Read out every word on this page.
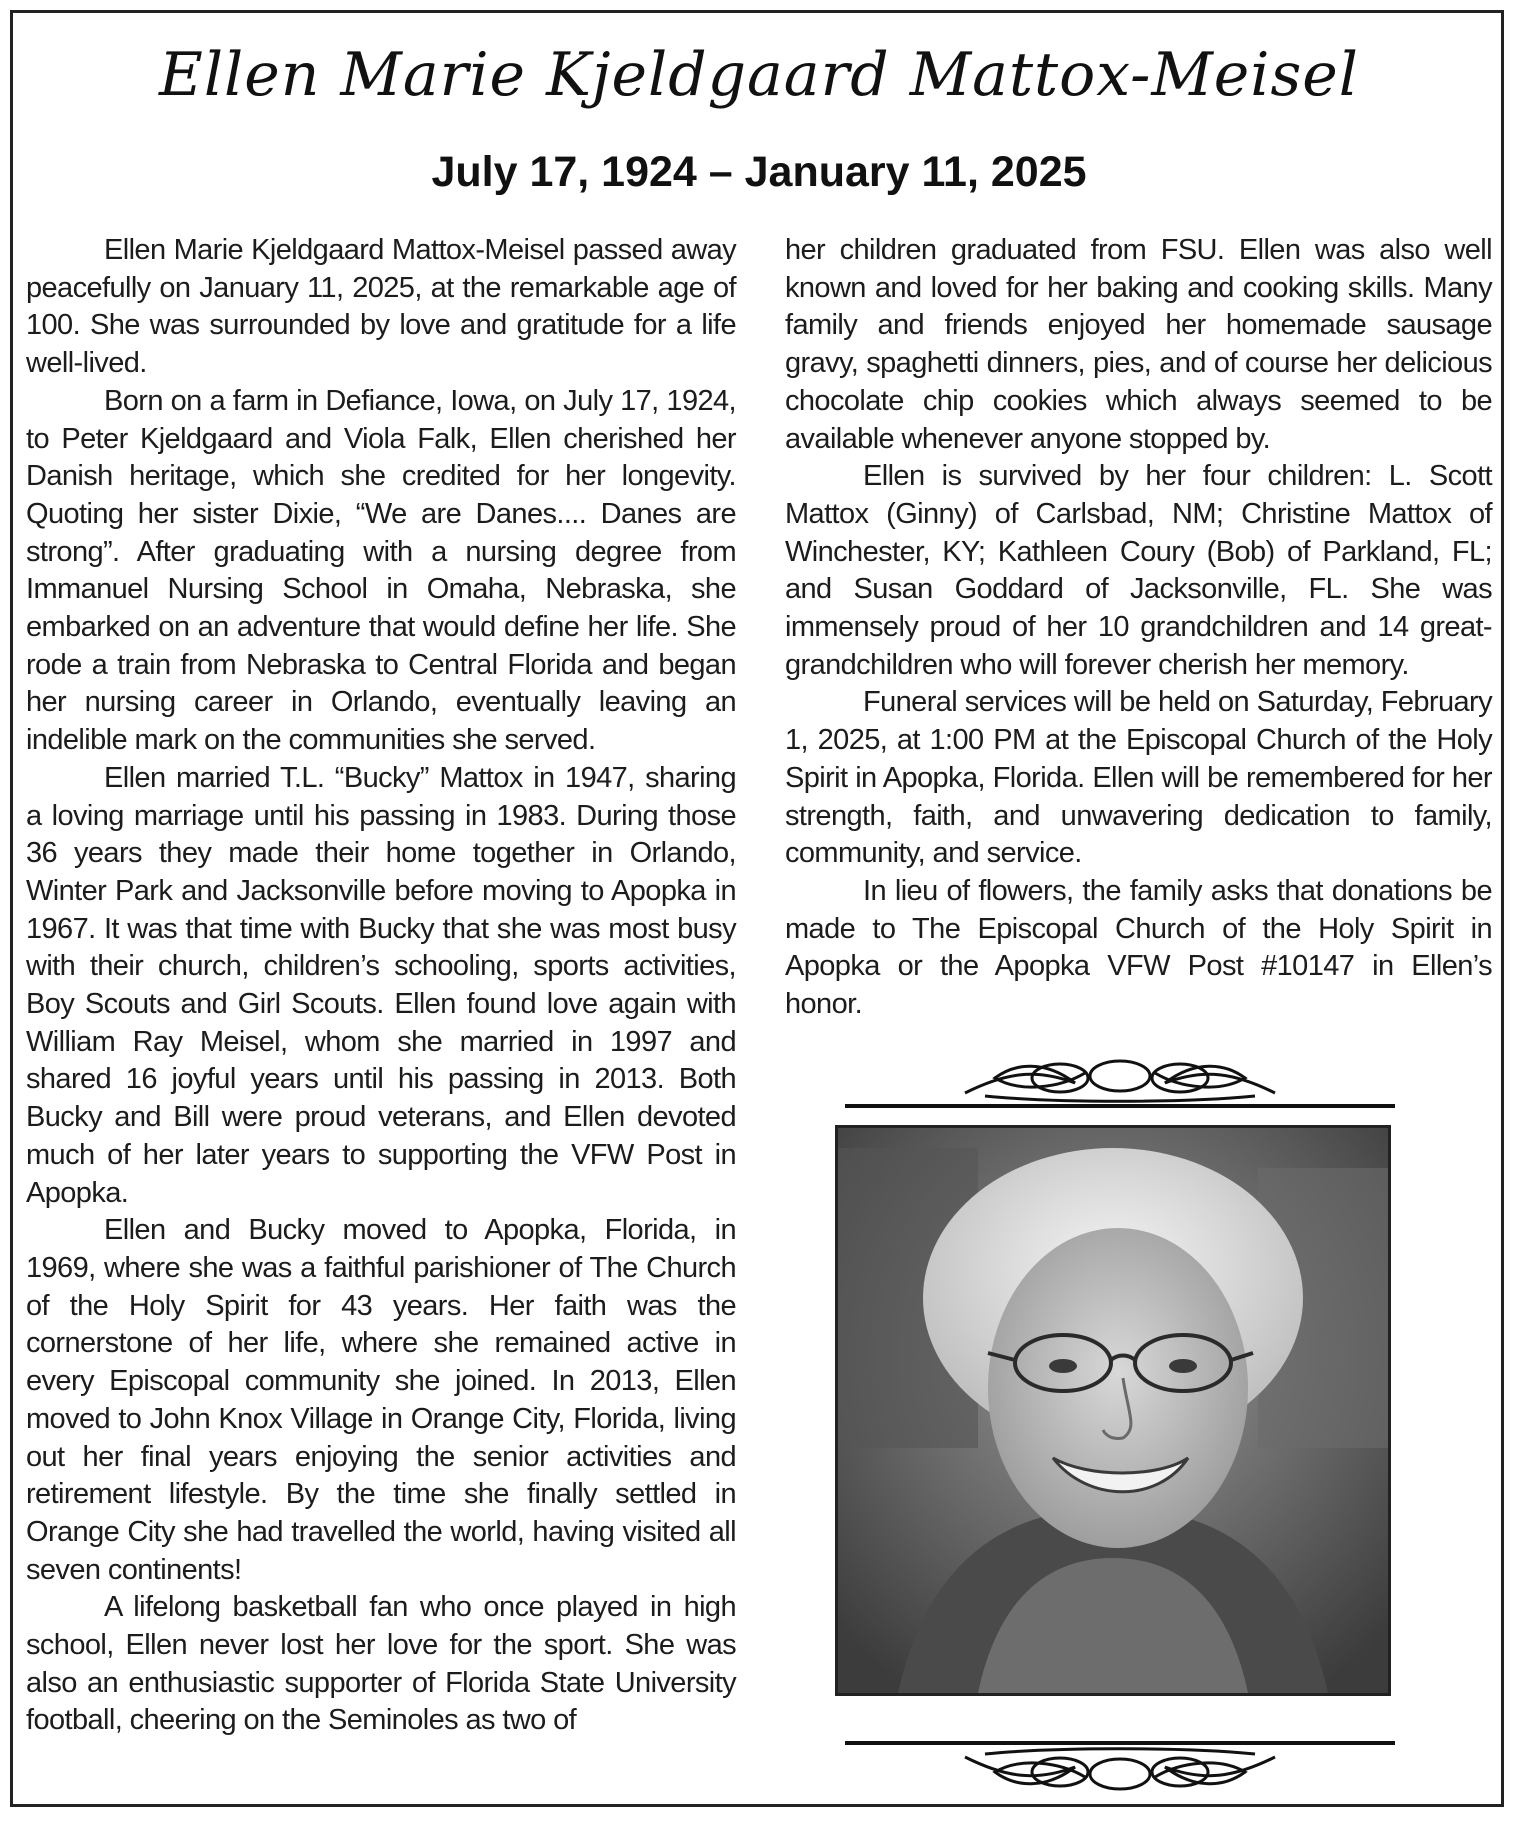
Ellen Marie Kjeldgaard Mattox-Meisel
July 17, 1924 – January 11, 2025

Ellen Marie Kjeldgaard Mattox-Meisel passed away peacefully on January 11, 2025, at the remarkable age of 100. She was surrounded by love and gratitude for a life well-lived.

Born on a farm in Defiance, Iowa, on July 17, 1924, to Peter Kjeldgaard and Viola Falk, Ellen cherished her Danish heritage, which she credited for her longevity. Quoting her sister Dixie, “We are Danes.... Danes are strong”. After graduating with a nursing degree from Immanuel Nursing School in Omaha, Nebraska, she embarked on an adventure that would define her life. She rode a train from Nebraska to Central Florida and began her nursing career in Orlando, eventually leaving an indelible mark on the communities she served.

Ellen married T.L. “Bucky” Mattox in 1947, sharing a loving marriage until his passing in 1983. During those 36 years they made their home together in Orlando, Winter Park and Jacksonville before moving to Apopka in 1967. It was that time with Bucky that she was most busy with their church, children’s schooling, sports activities, Boy Scouts and Girl Scouts. Ellen found love again with William Ray Meisel, whom she married in 1997 and shared 16 joyful years until his passing in 2013. Both Bucky and Bill were proud veterans, and Ellen devoted much of her later years to supporting the VFW Post in Apopka.

Ellen and Bucky moved to Apopka, Florida, in 1969, where she was a faithful parishioner of The Church of the Holy Spirit for 43 years. Her faith was the cornerstone of her life, where she remained active in every Episcopal community she joined. In 2013, Ellen moved to John Knox Village in Orange City, Florida, living out her final years enjoying the senior activities and retirement lifestyle. By the time she finally settled in Orange City she had travelled the world, having visited all seven continents!

A lifelong basketball fan who once played in high school, Ellen never lost her love for the sport. She was also an enthusiastic supporter of Florida State University football, cheering on the Seminoles as two of

her children graduated from FSU. Ellen was also well known and loved for her baking and cooking skills. Many family and friends enjoyed her homemade sausage gravy, spaghetti dinners, pies, and of course her delicious chocolate chip cookies which always seemed to be available whenever anyone stopped by.

Ellen is survived by her four children: L. Scott Mattox (Ginny) of Carlsbad, NM; Christine Mattox of Winchester, KY; Kathleen Coury (Bob) of Parkland, FL; and Susan Goddard of Jacksonville, FL. She was immensely proud of her 10 grandchildren and 14 great-grandchildren who will forever cherish her memory.

Funeral services will be held on Saturday, February 1, 2025, at 1:00 PM at the Episcopal Church of the Holy Spirit in Apopka, Florida. Ellen will be remembered for her strength, faith, and unwavering dedication to family, community, and service.

In lieu of flowers, the family asks that donations be made to The Episcopal Church of the Holy Spirit in Apopka or the Apopka VFW Post #10147 in Ellen’s honor.
